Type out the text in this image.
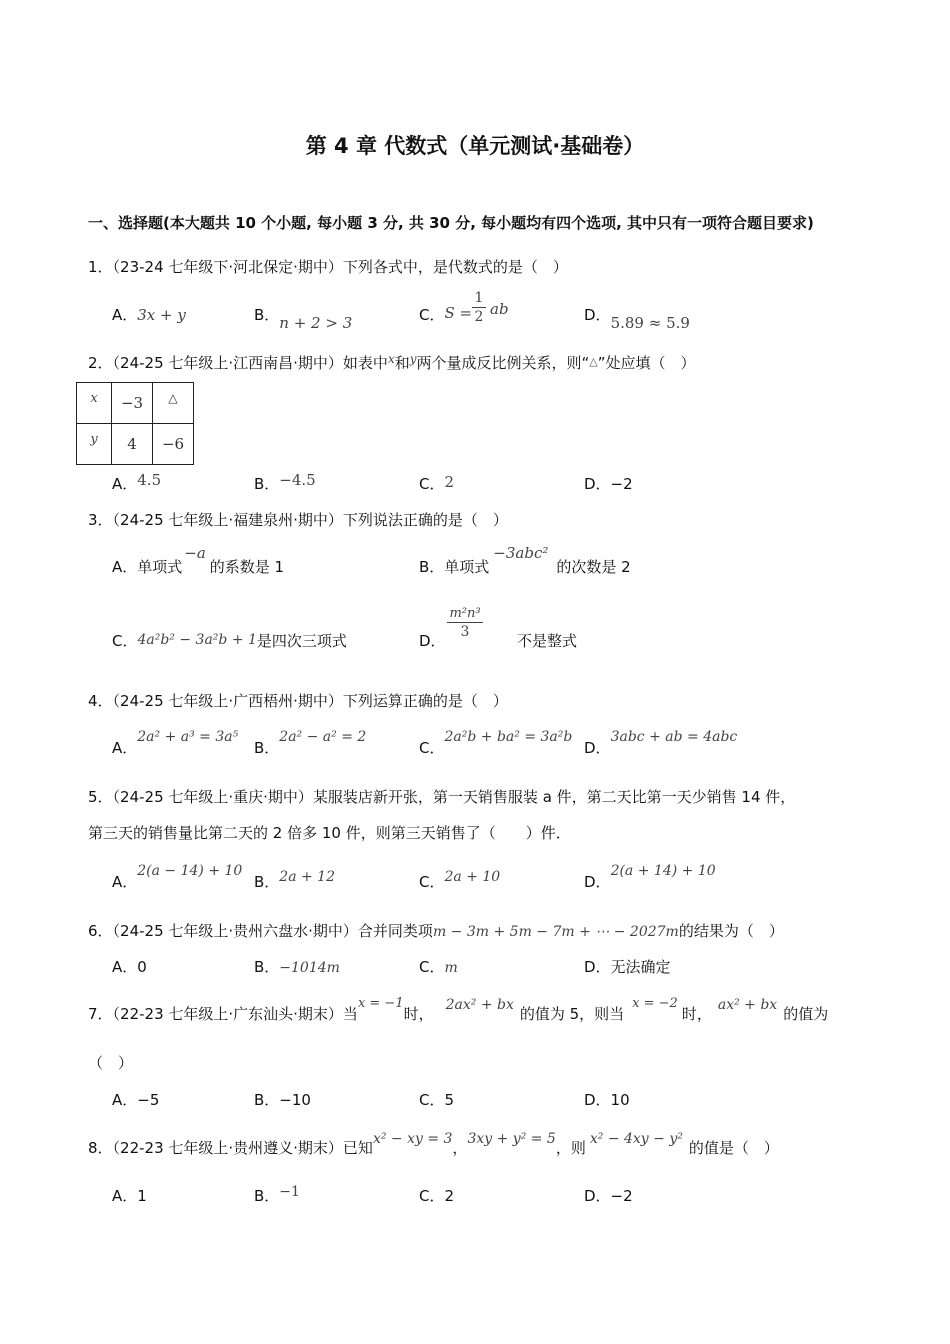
第 4 章 代数式（单元测试·基础卷）
一、选择题(本大题共 10 个小题, 每小题 3 分, 共 30 分, 每小题均有四个选项, 其中只有一项符合题目要求)
1．（23-24 七年级下·河北保定·期中）下列各式中，是代数式的是（　）
A．3x + y	B．n + 2 > 3	C．S =
1
2 ab	D．5.89 ≈ 5.9
2．（24-25 七年级上·江西南昌·期中）如表中$^x$和$^y$两个量成反比例关系，则“△”处应填（　）
x	−3	△
y	4	−6
A．4.5	B．−4.5	C．2	D．−2
3．（24-25 七年级上·福建泉州·期中）下列说法正确的是（　）
A．单项式−a的系数是 1	B．单项式−3abc²的次数是 2
C．4a²b² − 3a²b + 1是四次三项式	D．
m²n³
3	不是整式
4．（24-25 七年级上·广西梧州·期中）下列运算正确的是（　）
A．2a² + a³ = 3a⁵
B．2a² − a² = 2
C．2a²b + ba² = 3a²b
D．3abc + ab = 4abc
5．（24-25 七年级上·重庆·期中）某服装店新开张，第一天销售服装 a 件，第二天比第一天少销售 14 件，
第三天的销售量比第二天的 2 倍多 10 件，则第三天销售了（　　）件．
A．2(a − 14) + 10
B．2a + 12	C．2a + 10	D．2(a + 14) + 10
6．（24-25 七年级上·贵州六盘水·期中）合并同类项m − 3m + 5m − 7m + ⋯ − 2027m的结果为（　）
A．0	B．−1014m	C．m	D．无法确定
7．（22-23 七年级上·广东汕头·期末）当x = −1时， 2ax² + bx 的值为 5，则当x = −2时， ax² + bx 的值为
（　）
A．−5	B．−10	C．5	D．10
8．（22-23 七年级上·贵州遵义·期末）已知x² − xy = 3，3xy + y² = 5，则 x² − 4xy − y² 的值是（　）
A．1	B．−1	C．2	D．−2
